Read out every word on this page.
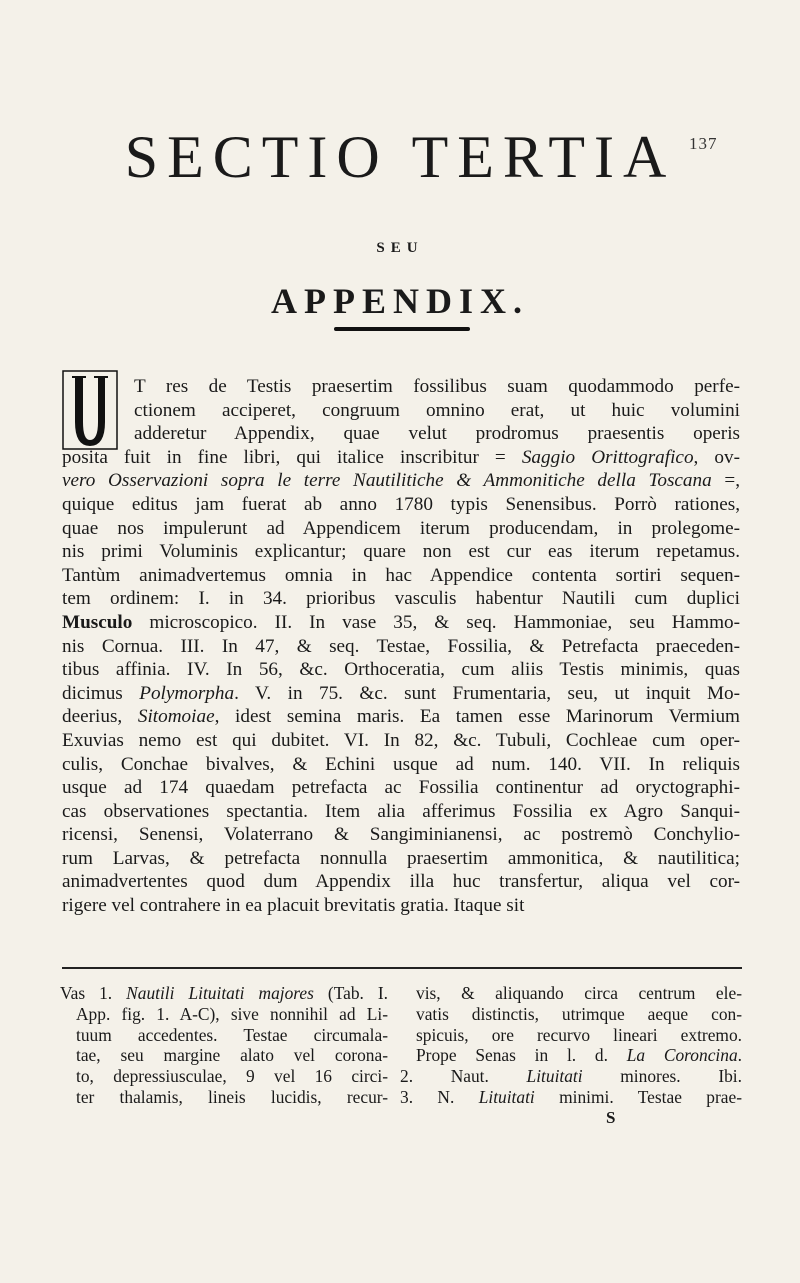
137
SECTIO TERTIA
SEU
APPENDIX.
U
T res de Testis praesertim fossilibus suam quodammodo perfe-
ctionem acciperet, congruum omnino erat, ut huic volumini
adderetur Appendix, quae velut prodromus praesentis operis
posita fuit in fine libri, qui italice inscribitur = Saggio Orittografico, ov-
vero Osservazioni sopra le terre Nautilitiche & Ammonitiche della Toscana =,
quique editus jam fuerat ab anno 1780 typis Senensibus. Porrò rationes,
quae nos impulerunt ad Appendicem iterum producendam, in prolegome-
nis primi Voluminis explicantur; quare non est cur eas iterum repetamus.
Tantùm animadvertemus omnia in hac Appendice contenta sortiri sequen-
tem ordinem: I. in 34. prioribus vasculis habentur Nautili cum duplici
Musculo microscopico. II. In vase 35, & seq. Hammoniae, seu Hammo-
nis Cornua. III. In 47, & seq. Testae, Fossilia, & Petrefacta praeceden-
tibus affinia. IV. In 56, &c. Orthoceratia, cum aliis Testis minimis, quas
dicimus Polymorpha. V. in 75. &c. sunt Frumentaria, seu, ut inquit Mo-
deerius, Sitomoiae, idest semina maris. Ea tamen esse Marinorum Vermium
Exuvias nemo est qui dubitet. VI. In 82, &c. Tubuli, Cochleae cum oper-
culis, Conchae bivalves, & Echini usque ad num. 140. VII. In reliquis
usque ad 174 quaedam petrefacta ac Fossilia continentur ad oryctographi-
cas observationes spectantia. Item alia afferimus Fossilia ex Agro Sanqui-
ricensi, Senensi, Volaterrano & Sangiminianensi, ac postremò Conchylio-
rum Larvas, & petrefacta nonnulla praesertim ammonitica, & nautilitica;
animadvertentes quod dum Appendix illa huc transfertur, aliqua vel cor-
rigere vel contrahere in ea placuit brevitatis gratia. Itaque sit
Vas 1. Nautili Lituitati majores (Tab. I.
App. fig. 1. A-C), sive nonnihil ad Li-
tuum accedentes. Testae circumala-
tae, seu margine alato vel corona-
to, depressiusculae, 9 vel 16 circi-
ter thalamis, lineis lucidis, recur-
vis, & aliquando circa centrum ele-
vatis distinctis, utrimque aeque con-
spicuis, ore recurvo lineari extremo.
Prope Senas in l. d. La Coroncina.
2. Naut. Lituitati minores. Ibi.
3. N. Lituitati minimi. Testae prae-
S
